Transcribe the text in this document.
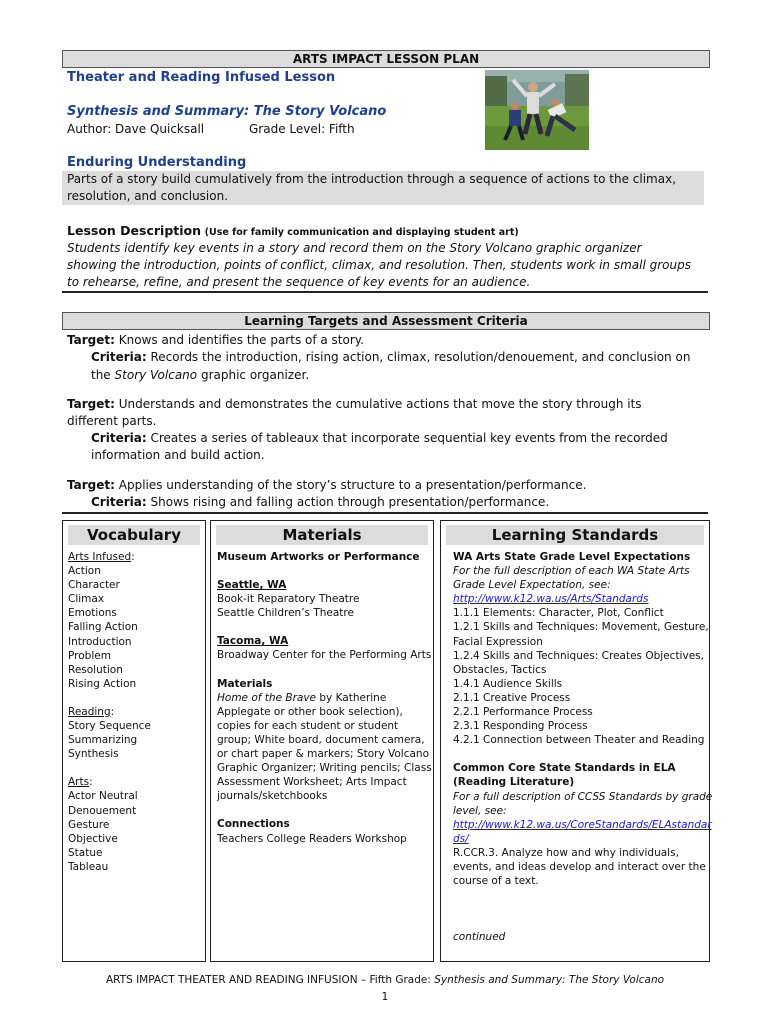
ARTS IMPACT LESSON PLAN
Theater and Reading Infused Lesson
Synthesis and Summary: The Story Volcano
Author: Dave Quicksall	Grade Level: Fifth
Enduring Understanding
Parts of a story build cumulatively from the introduction through a sequence of actions to the climax,
resolution, and conclusion.
Lesson Description (Use for family communication and displaying student art)
Students identify key events in a story and record them on the Story Volcano graphic organizer
showing the introduction, points of conflict, climax, and resolution. Then, students work in small groups
to rehearse, refine, and present the sequence of key events for an audience.
Learning Targets and Assessment Criteria
Target: Knows and identifies the parts of a story.
Criteria: Records the introduction, rising action, climax, resolution/denouement, and conclusion on
the Story Volcano graphic organizer.
Target: Understands and demonstrates the cumulative actions that move the story through its
different parts.
Criteria: Creates a series of tableaux that incorporate sequential key events from the recorded
information and build action.
Target: Applies understanding of the story’s structure to a presentation/performance.
Criteria: Shows rising and falling action through presentation/performance.
Vocabulary
Arts Infused:
Action
Character
Climax
Emotions
Falling Action
Introduction
Problem
Resolution
Rising Action
Reading:
Story Sequence
Summarizing
Synthesis
Arts:
Actor Neutral
Denouement
Gesture
Objective
Statue
Tableau
Materials
Museum Artworks or Performance
Seattle, WA
Book-it Reparatory Theatre
Seattle Children’s Theatre
Tacoma, WA
Broadway Center for the Performing Arts
Materials
Home of the Brave by Katherine
Applegate or other book selection),
copies for each student or student
group; White board, document camera,
or chart paper & markers; Story Volcano
Graphic Organizer; Writing pencils; Class
Assessment Worksheet; Arts Impact
journals/sketchbooks
Connections
Teachers College Readers Workshop
Learning Standards
WA Arts State Grade Level Expectations
For the full description of each WA State Arts
Grade Level Expectation, see:
http://www.k12.wa.us/Arts/Standards
1.1.1 Elements: Character, Plot, Conflict
1.2.1 Skills and Techniques: Movement, Gesture,
Facial Expression
1.2.4 Skills and Techniques: Creates Objectives,
Obstacles, Tactics
1.4.1 Audience Skills
2.1.1 Creative Process
2.2.1 Performance Process
2.3.1 Responding Process
4.2.1 Connection between Theater and Reading
Common Core State Standards in ELA
(Reading Literature)
For a full description of CCSS Standards by grade
level, see:
http://www.k12.wa.us/CoreStandards/ELAstandar
ds/
R.CCR.3. Analyze how and why individuals,
events, and ideas develop and interact over the
course of a text.
continued
ARTS IMPACT THEATER AND READING INFUSION – Fifth Grade: Synthesis and Summary: The Story Volcano
1
